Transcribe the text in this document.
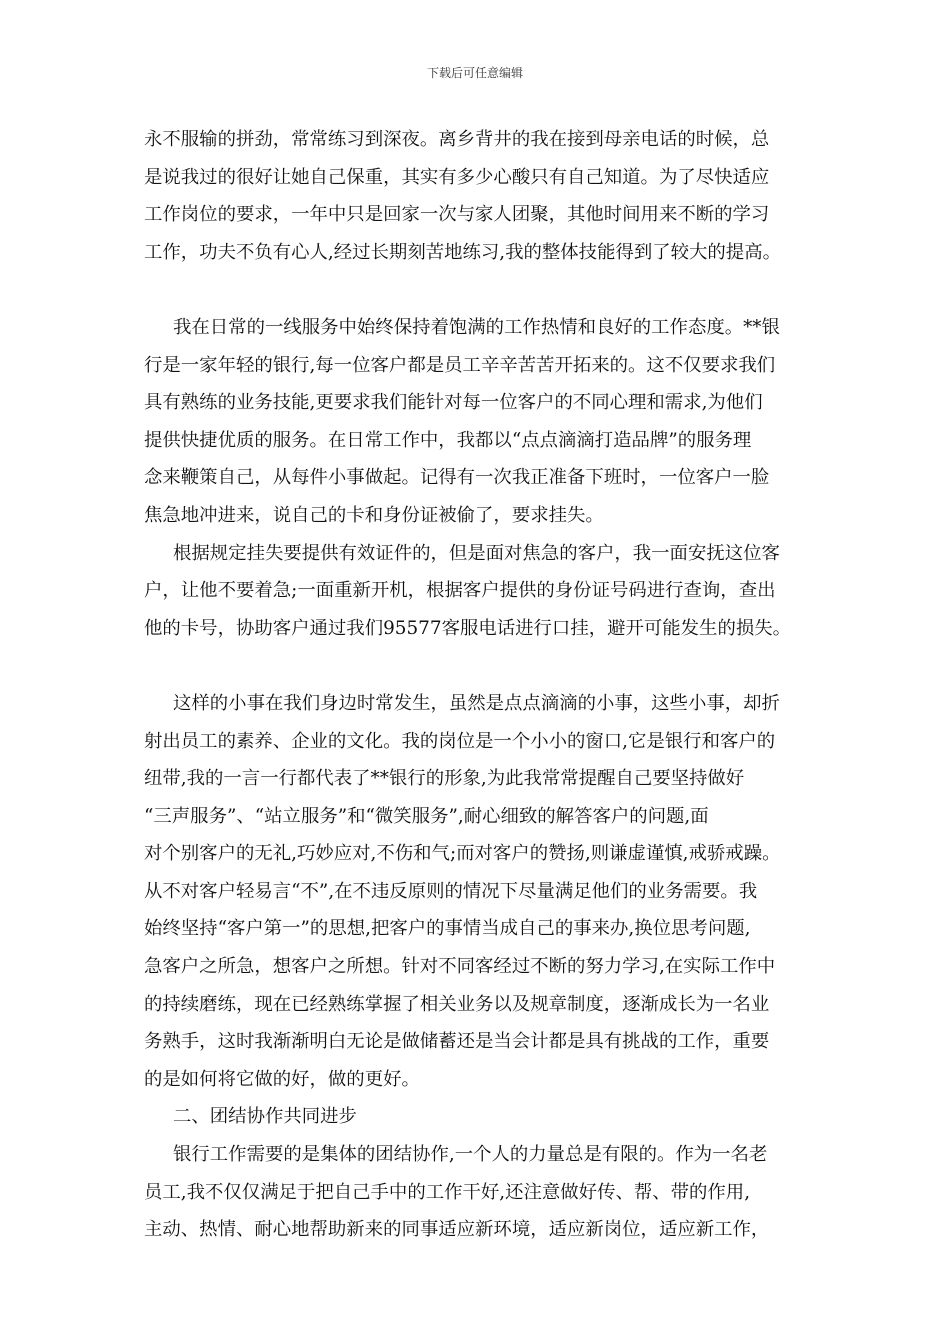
下载后可任意编辑
永不服输的拼劲，常常练习到深夜。离乡背井的我在接到母亲电话的时候，总
是说我过的很好让她自己保重，其实有多少心酸只有自己知道。为了尽快适应
工作岗位的要求，一年中只是回家一次与家人团聚，其他时间用来不断的学习
工作，功夫不负有心人,经过长期刻苦地练习,我的整体技能得到了较大的提高。
我在日常的一线服务中始终保持着饱满的工作热情和良好的工作态度。**银
行是一家年轻的银行,每一位客户都是员工辛辛苦苦开拓来的。这不仅要求我们
具有熟练的业务技能,更要求我们能针对每一位客户的不同心理和需求,为他们
提供快捷优质的服务。在日常工作中，我都以“点点滴滴打造品牌”的服务理
念来鞭策自己，从每件小事做起。记得有一次我正准备下班时，一位客户一脸
焦急地冲进来，说自己的卡和身份证被偷了，要求挂失。
根据规定挂失要提供有效证件的，但是面对焦急的客户，我一面安抚这位客
户，让他不要着急;一面重新开机，根据客户提供的身份证号码进行查询，查出
他的卡号，协助客户通过我们95577客服电话进行口挂，避开可能发生的损失。
这样的小事在我们身边时常发生，虽然是点点滴滴的小事，这些小事，却折
射出员工的素养、企业的文化。我的岗位是一个小小的窗口,它是银行和客户的
纽带,我的一言一行都代表了**银行的形象,为此我常常提醒自己要坚持做好
“三声服务”、“站立服务”和“微笑服务”,耐心细致的解答客户的问题,面
对个别客户的无礼,巧妙应对,不伤和气;而对客户的赞扬,则谦虚谨慎,戒骄戒躁。
从不对客户轻易言“不”,在不违反原则的情况下尽量满足他们的业务需要。我
始终坚持“客户第一”的思想,把客户的事情当成自己的事来办,换位思考问题,
急客户之所急，想客户之所想。针对不同客经过不断的努力学习,在实际工作中
的持续磨练，现在已经熟练掌握了相关业务以及规章制度，逐渐成长为一名业
务熟手，这时我渐渐明白无论是做储蓄还是当会计都是具有挑战的工作，重要
的是如何将它做的好，做的更好。
二、团结协作共同进步
银行工作需要的是集体的团结协作,一个人的力量总是有限的。作为一名老
员工,我不仅仅满足于把自己手中的工作干好,还注意做好传、帮、带的作用,
主动、热情、耐心地帮助新来的同事适应新环境，适应新岗位，适应新工作，
